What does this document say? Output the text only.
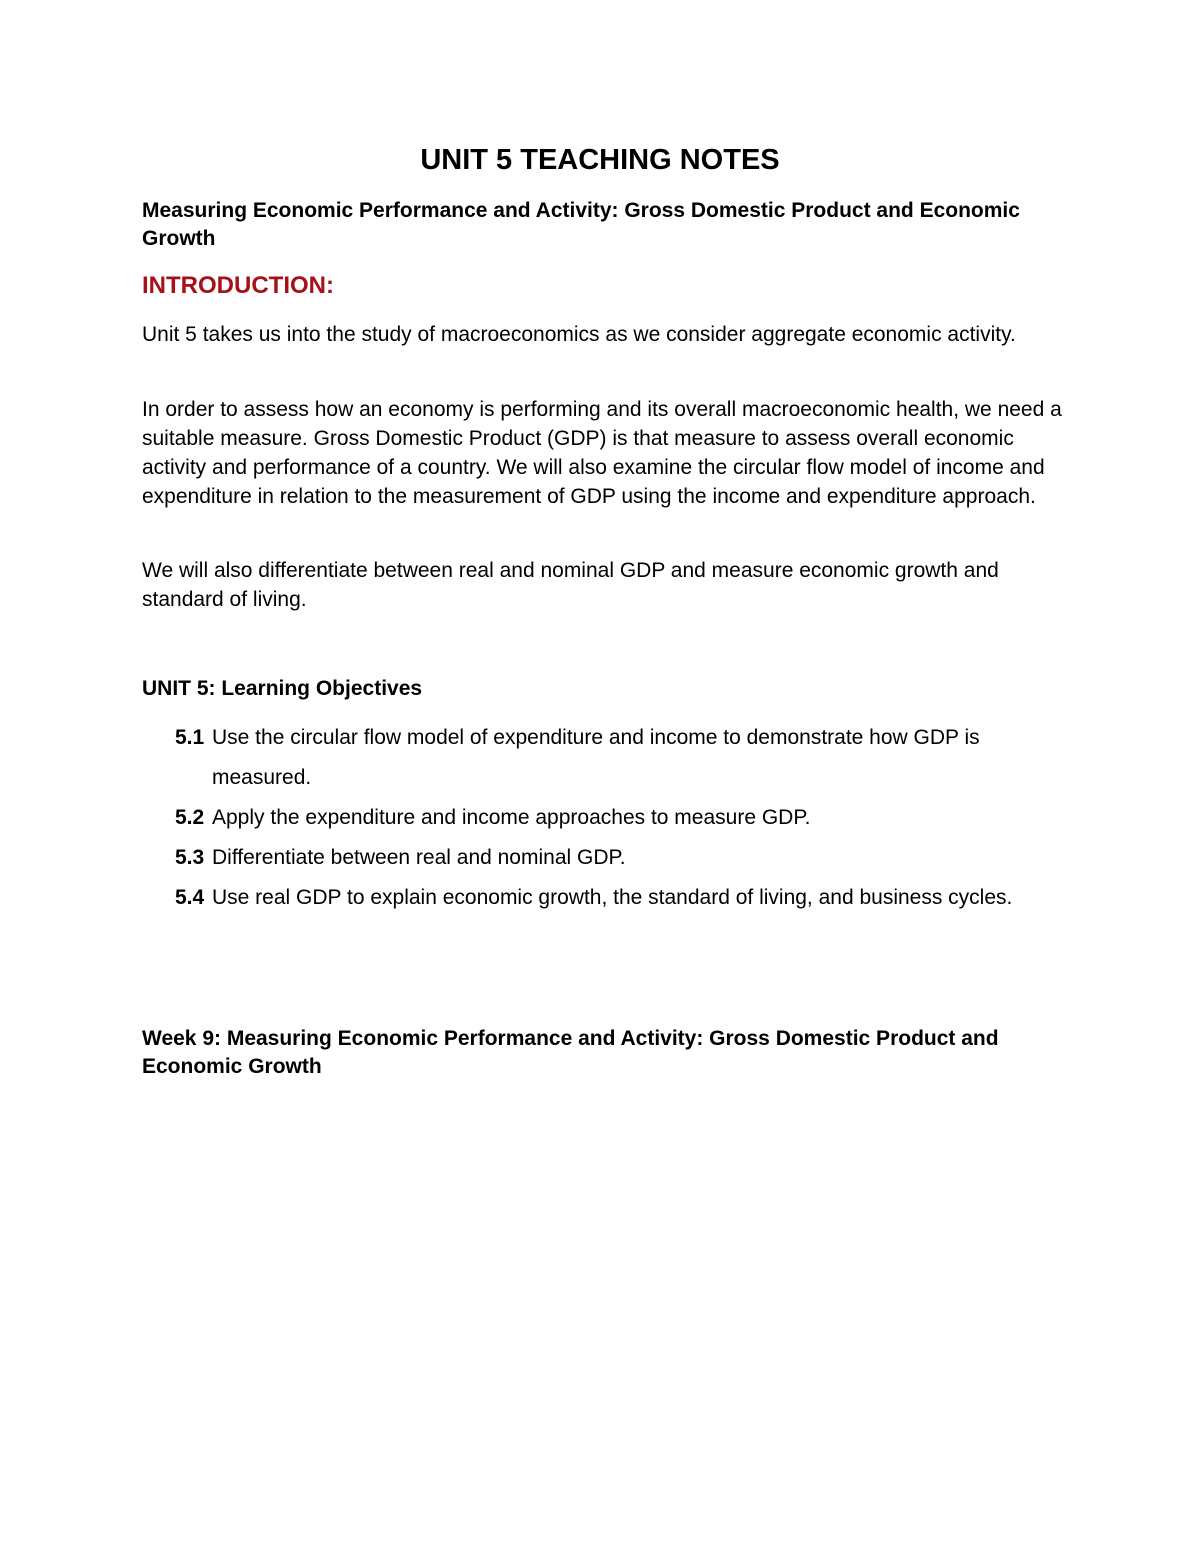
UNIT 5 TEACHING NOTES
Measuring Economic Performance and Activity: Gross Domestic Product and Economic Growth
INTRODUCTION:

Unit 5 takes us into the study of macroeconomics as we consider aggregate economic activity.

In order to assess how an economy is performing and its overall macroeconomic health, we need a suitable measure. Gross Domestic Product (GDP) is that measure to assess overall economic activity and performance of a country. We will also examine the circular flow model of income and expenditure in relation to the measurement of GDP using the income and expenditure approach.

We will also differentiate between real and nominal GDP and measure economic growth and standard of living.

UNIT 5: Learning Objectives
5.1 Use the circular flow model of expenditure and income to demonstrate how GDP is measured.
5.2 Apply the expenditure and income approaches to measure GDP.
5.3 Differentiate between real and nominal GDP.
5.4 Use real GDP to explain economic growth, the standard of living, and business cycles.
Week 9: Measuring Economic Performance and Activity: Gross Domestic Product and Economic Growth
